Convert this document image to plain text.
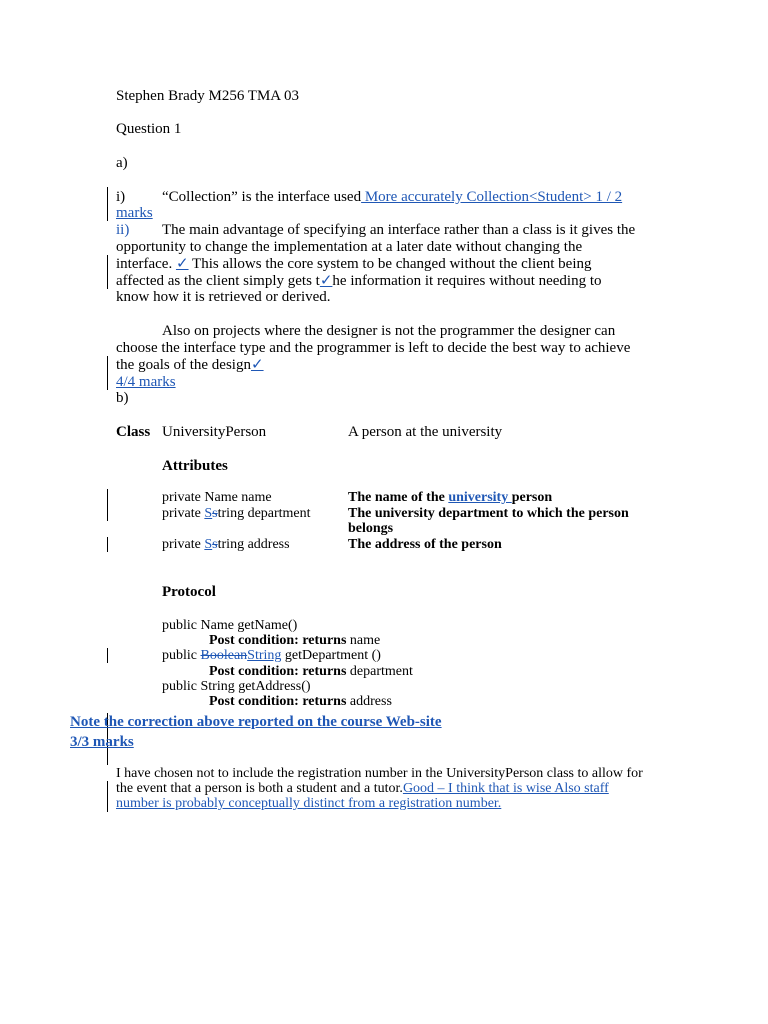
Stephen Brady M256 TMA 03
Question 1
a)
i) “Collection” is the interface used More accurately Collection<Student> 1 / 2
marks
ii) The main advantage of specifying an interface rather than a class is it gives the
opportunity to change the implementation at a later date without changing the
interface. ✓ This allows the core system to be changed without the client being
affected as the client simply gets t✓he information it requires without needing to
know how it is retrieved or derived.
Also on projects where the designer is not the programmer the designer can
choose the interface type and the programmer is left to decide the best way to achieve
the goals of the design✓
4/4 marks
b)
Class UniversityPerson	A person at the university
Attributes
private Name name	The name of the university person
private Sstring department	The university department to which the person
belongs
private Sstring address	The address of the person
Protocol
public Name getName()
Post condition: returns name
public BooleanString getDepartment ()
Post condition: returns department
public String getAddress()
Post condition: returns address
Note the correction above reported on the course Web-site
3/3 marks
I have chosen not to include the registration number in the UniversityPerson class to allow for
the event that a person is both a student and a tutor.Good – I think that is wise Also staff
number is probably conceptually distinct from a registration number.
